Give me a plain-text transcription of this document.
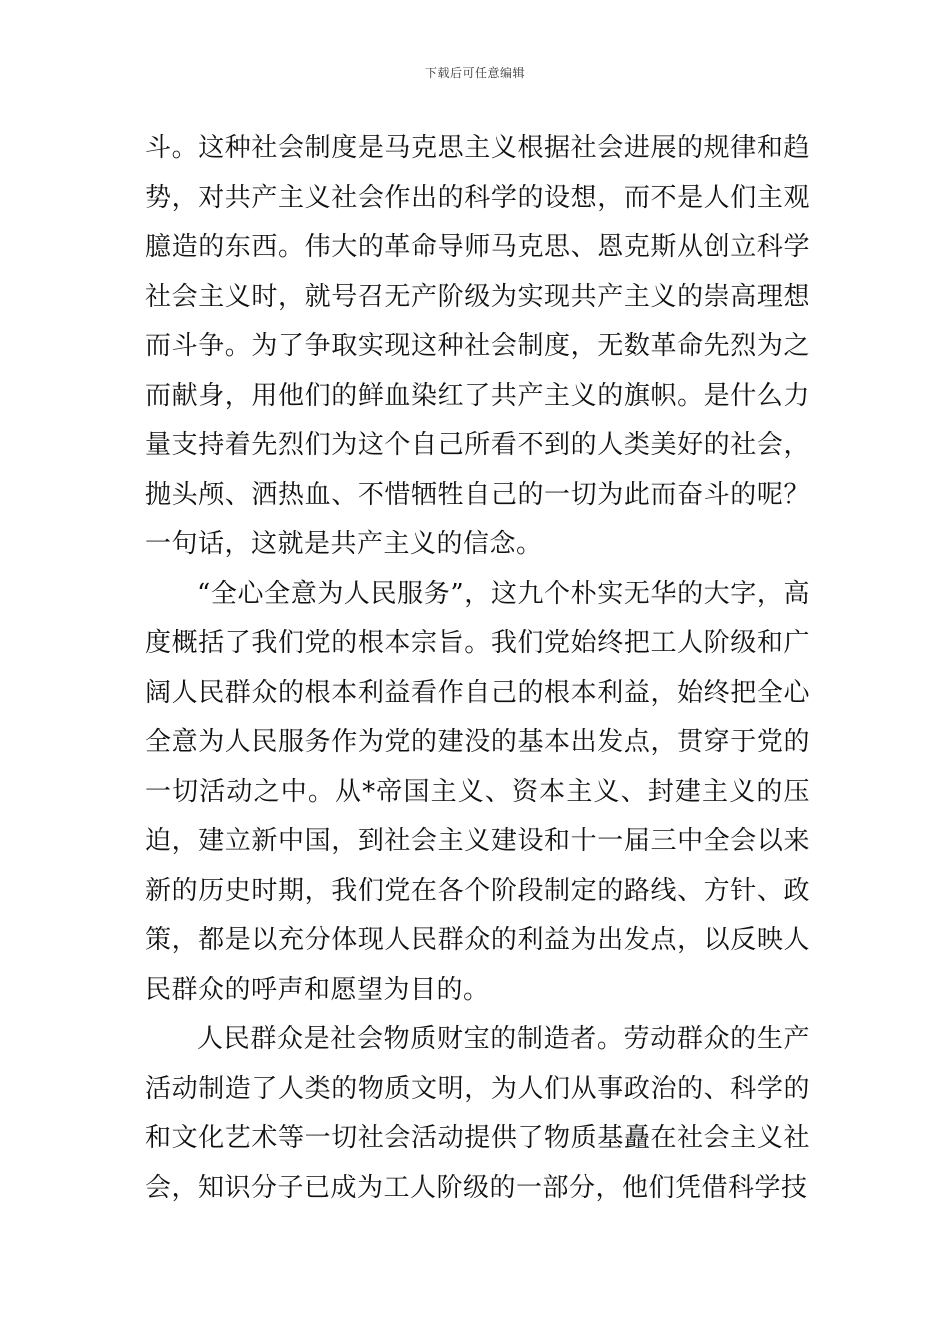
下载后可任意编辑

斗。这种社会制度是马克思主义根据社会进展的规律和趋势，对共产主义社会作出的科学的设想，而不是人们主观臆造的东西。伟大的革命导师马克思、恩克斯从创立科学社会主义时，就号召无产阶级为实现共产主义的崇高理想而斗争。为了争取实现这种社会制度，无数革命先烈为之而献身，用他们的鲜血染红了共产主义的旗帜。是什么力量支持着先烈们为这个自己所看不到的人类美好的社会，抛头颅、洒热血、不惜牺牲自己的一切为此而奋斗的呢？一句话，这就是共产主义的信念。

“全心全意为人民服务”，这九个朴实无华的大字，高度概括了我们党的根本宗旨。我们党始终把工人阶级和广阔人民群众的根本利益看作自己的根本利益，始终把全心全意为人民服务作为党的建没的基本出发点，贯穿于党的一切活动之中。从*帝国主义、资本主义、封建主义的压迫，建立新中国，到社会主义建设和十一届三中全会以来新的历史时期，我们党在各个阶段制定的路线、方针、政策，都是以充分体现人民群众的利益为出发点，以反映人民群众的呼声和愿望为目的。

人民群众是社会物质财宝的制造者。劳动群众的生产活动制造了人类的物质文明，为人们从事政治的、科学的和文化艺术等一切社会活动提供了物质基矗在社会主义社会，知识分子已成为工人阶级的一部分，他们凭借科学技
